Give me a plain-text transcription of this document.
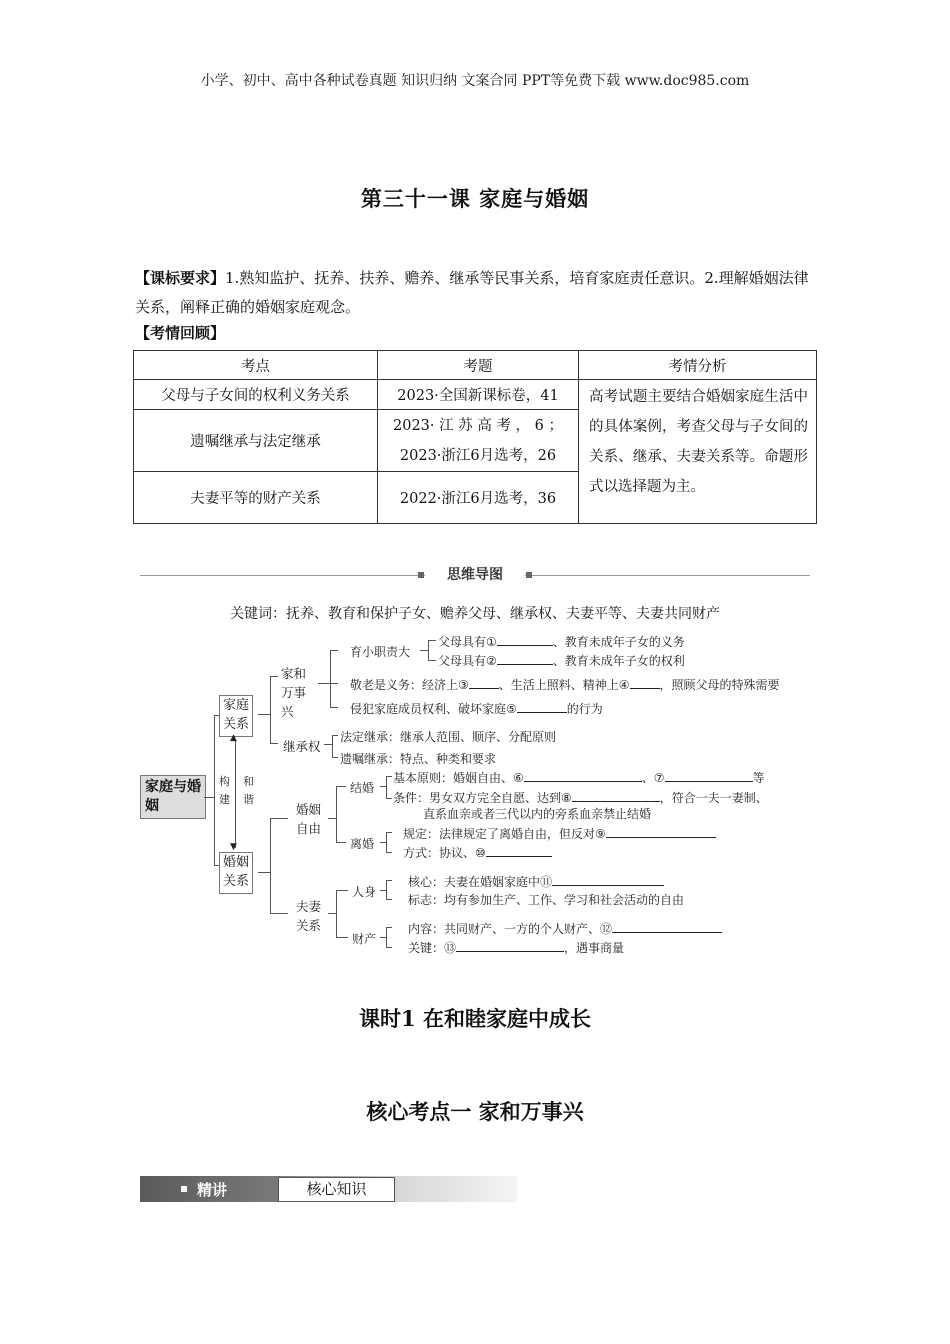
小学、初中、高中各种试卷真题 知识归纳 文案合同 PPT等免费下载 www.doc985.com
第三十一课 家庭与婚姻
【课标要求】1.熟知监护、抚养、扶养、赡养、继承等民事关系，培育家庭责任意识。2.理解婚姻法律关系，阐释正确的婚姻家庭观念。
【考情回顾】
考点	考题	考情分析
父母与子女间的权利义务关系	2023·全国新课标卷，41	高考试题主要结合婚姻家庭生活中的具体案例，考查父母与子女间的关系、继承、夫妻关系等。命题形式以选择题为主。
遗嘱继承与法定继承	2023· 江 苏 高 考 ， 6 ；
2023·浙江6月选考，26	

夫妻平等的财产关系	2022·浙江6月选考，36	
思维导图
关键词：抚养、教育和保护子女、赡养父母、继承权、夫妻平等、夫妻共同财产
家庭与婚姻
家庭关系
婚姻关系
▲
▼
构建
和谐
家和万事兴
育小职责大
父母具有①	、教育未成年子女的义务
父母具有②	、教育未成年子女的权利
敬老是义务：经济上③	、生活上照料、精神上④	，照顾父母的特殊需要
侵犯家庭成员权利、破坏家庭⑤	的行为
继承权
法定继承：继承人范围、顺序、分配原则
遗嘱继承：特点、种类和要求
婚姻自由
结婚
基本原则：婚姻自由、⑥	、⑦	等
条件：男女双方完全自愿、达到⑧	，符合一夫一妻制、
直系血亲或者三代以内的旁系血亲禁止结婚
离婚
规定：法律规定了离婚自由，但反对⑨
方式：协议、⑩
夫妻关系
人身
核心：夫妻在婚姻家庭中⑪
标志：均有参加生产、工作、学习和社会活动的自由
财产
内容：共同财产、一方的个人财产、⑫
关键：⑬	，遇事商量
课时1 在和睦家庭中成长
核心考点一 家和万事兴
精讲	核心知识
